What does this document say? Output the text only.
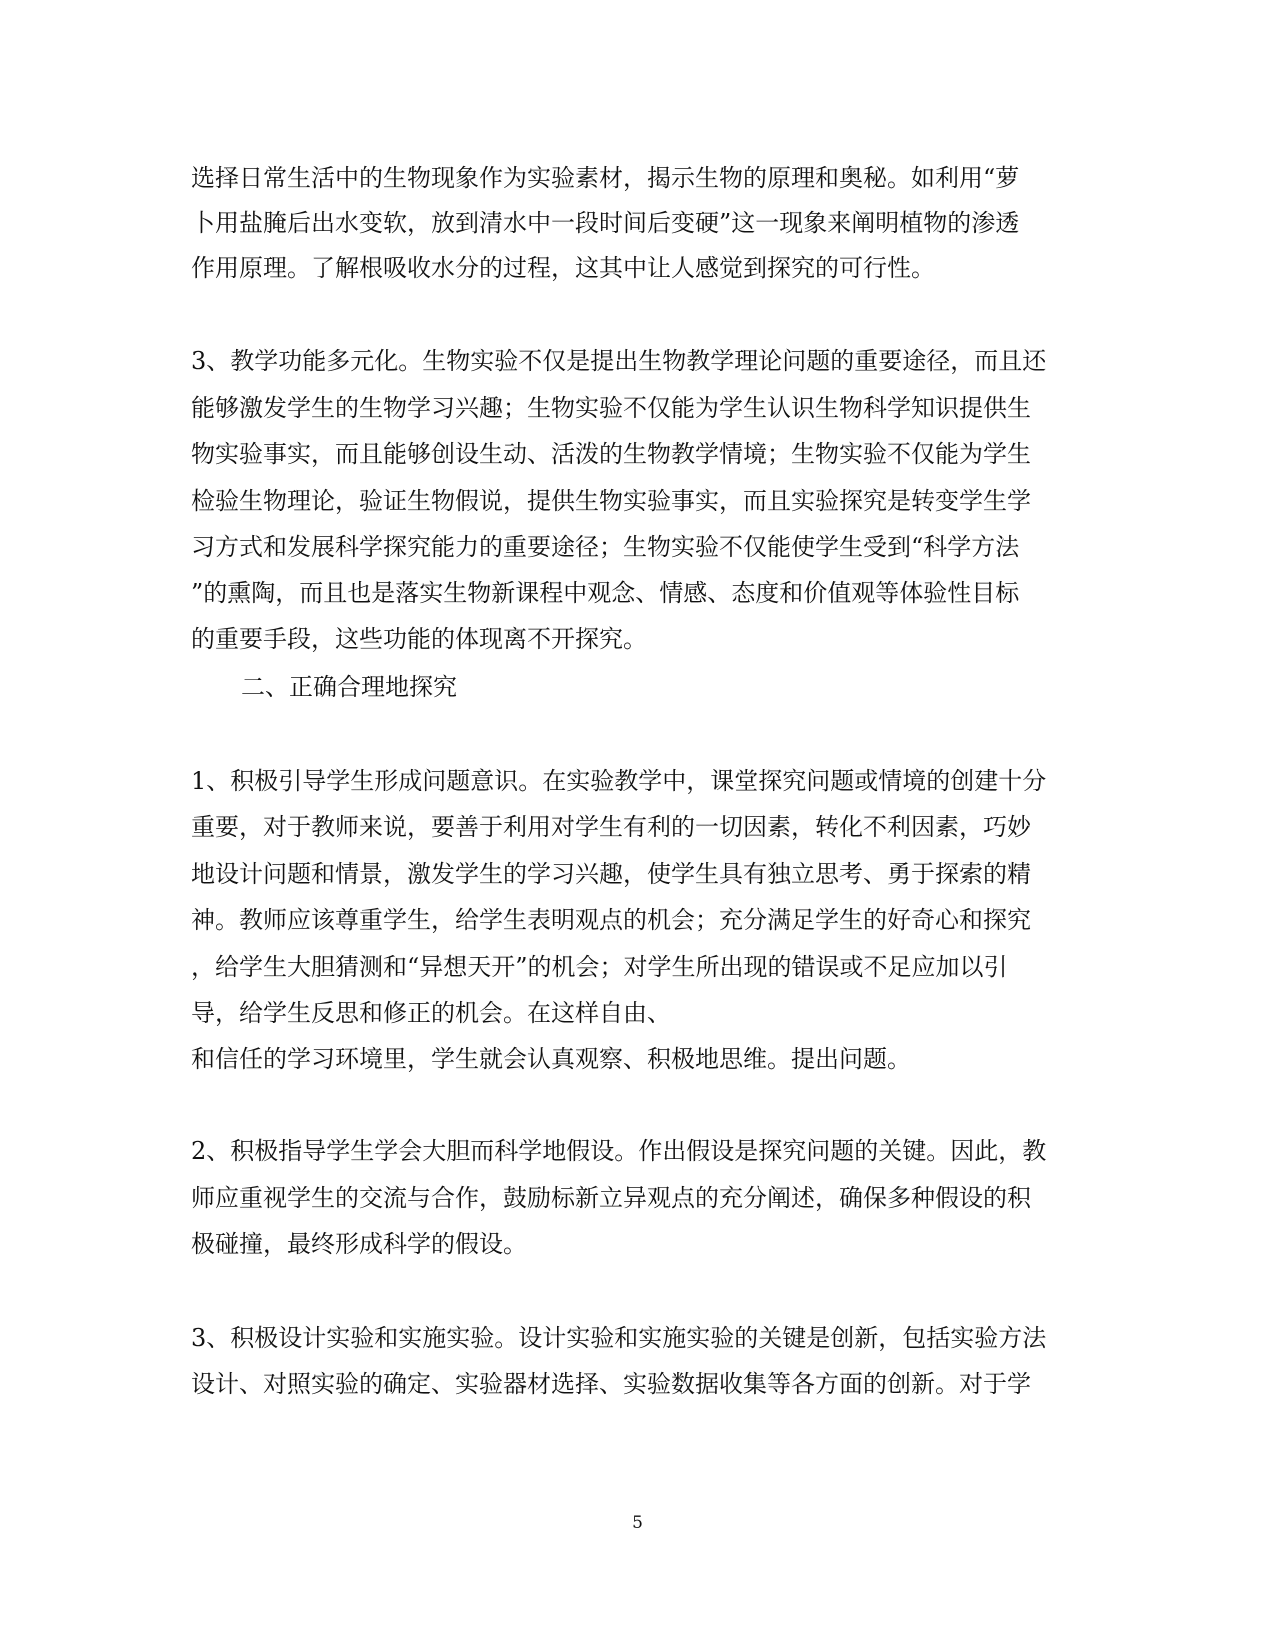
选择日常生活中的生物现象作为实验素材，揭示生物的原理和奥秘。如利用“萝
卜用盐腌后出水变软，放到清水中一段时间后变硬”这一现象来阐明植物的渗透
作用原理。了解根吸收水分的过程，这其中让人感觉到探究的可行性。
3、教学功能多元化。生物实验不仅是提出生物教学理论问题的重要途径，而且还
能够激发学生的生物学习兴趣；生物实验不仅能为学生认识生物科学知识提供生
物实验事实，而且能够创设生动、活泼的生物教学情境；生物实验不仅能为学生
检验生物理论，验证生物假说，提供生物实验事实，而且实验探究是转变学生学
习方式和发展科学探究能力的重要途径；生物实验不仅能使学生受到“科学方法
”的熏陶，而且也是落实生物新课程中观念、情感、态度和价值观等体验性目标
的重要手段，这些功能的体现离不开探究。
二、正确合理地探究
1、积极引导学生形成问题意识。在实验教学中，课堂探究问题或情境的创建十分
重要，对于教师来说，要善于利用对学生有利的一切因素，转化不利因素，巧妙
地设计问题和情景，激发学生的学习兴趣，使学生具有独立思考、勇于探索的精
神。教师应该尊重学生，给学生表明观点的机会；充分满足学生的好奇心和探究
，给学生大胆猜测和“异想天开”的机会；对学生所出现的错误或不足应加以引
导，给学生反思和修正的机会。在这样自由、
和信任的学习环境里，学生就会认真观察、积极地思维。提出问题。
2、积极指导学生学会大胆而科学地假设。作出假设是探究问题的关键。因此，教
师应重视学生的交流与合作，鼓励标新立异观点的充分阐述，确保多种假设的积
极碰撞，最终形成科学的假设。
3、积极设计实验和实施实验。设计实验和实施实验的关键是创新，包括实验方法
设计、对照实验的确定、实验器材选择、实验数据收集等各方面的创新。对于学
5
